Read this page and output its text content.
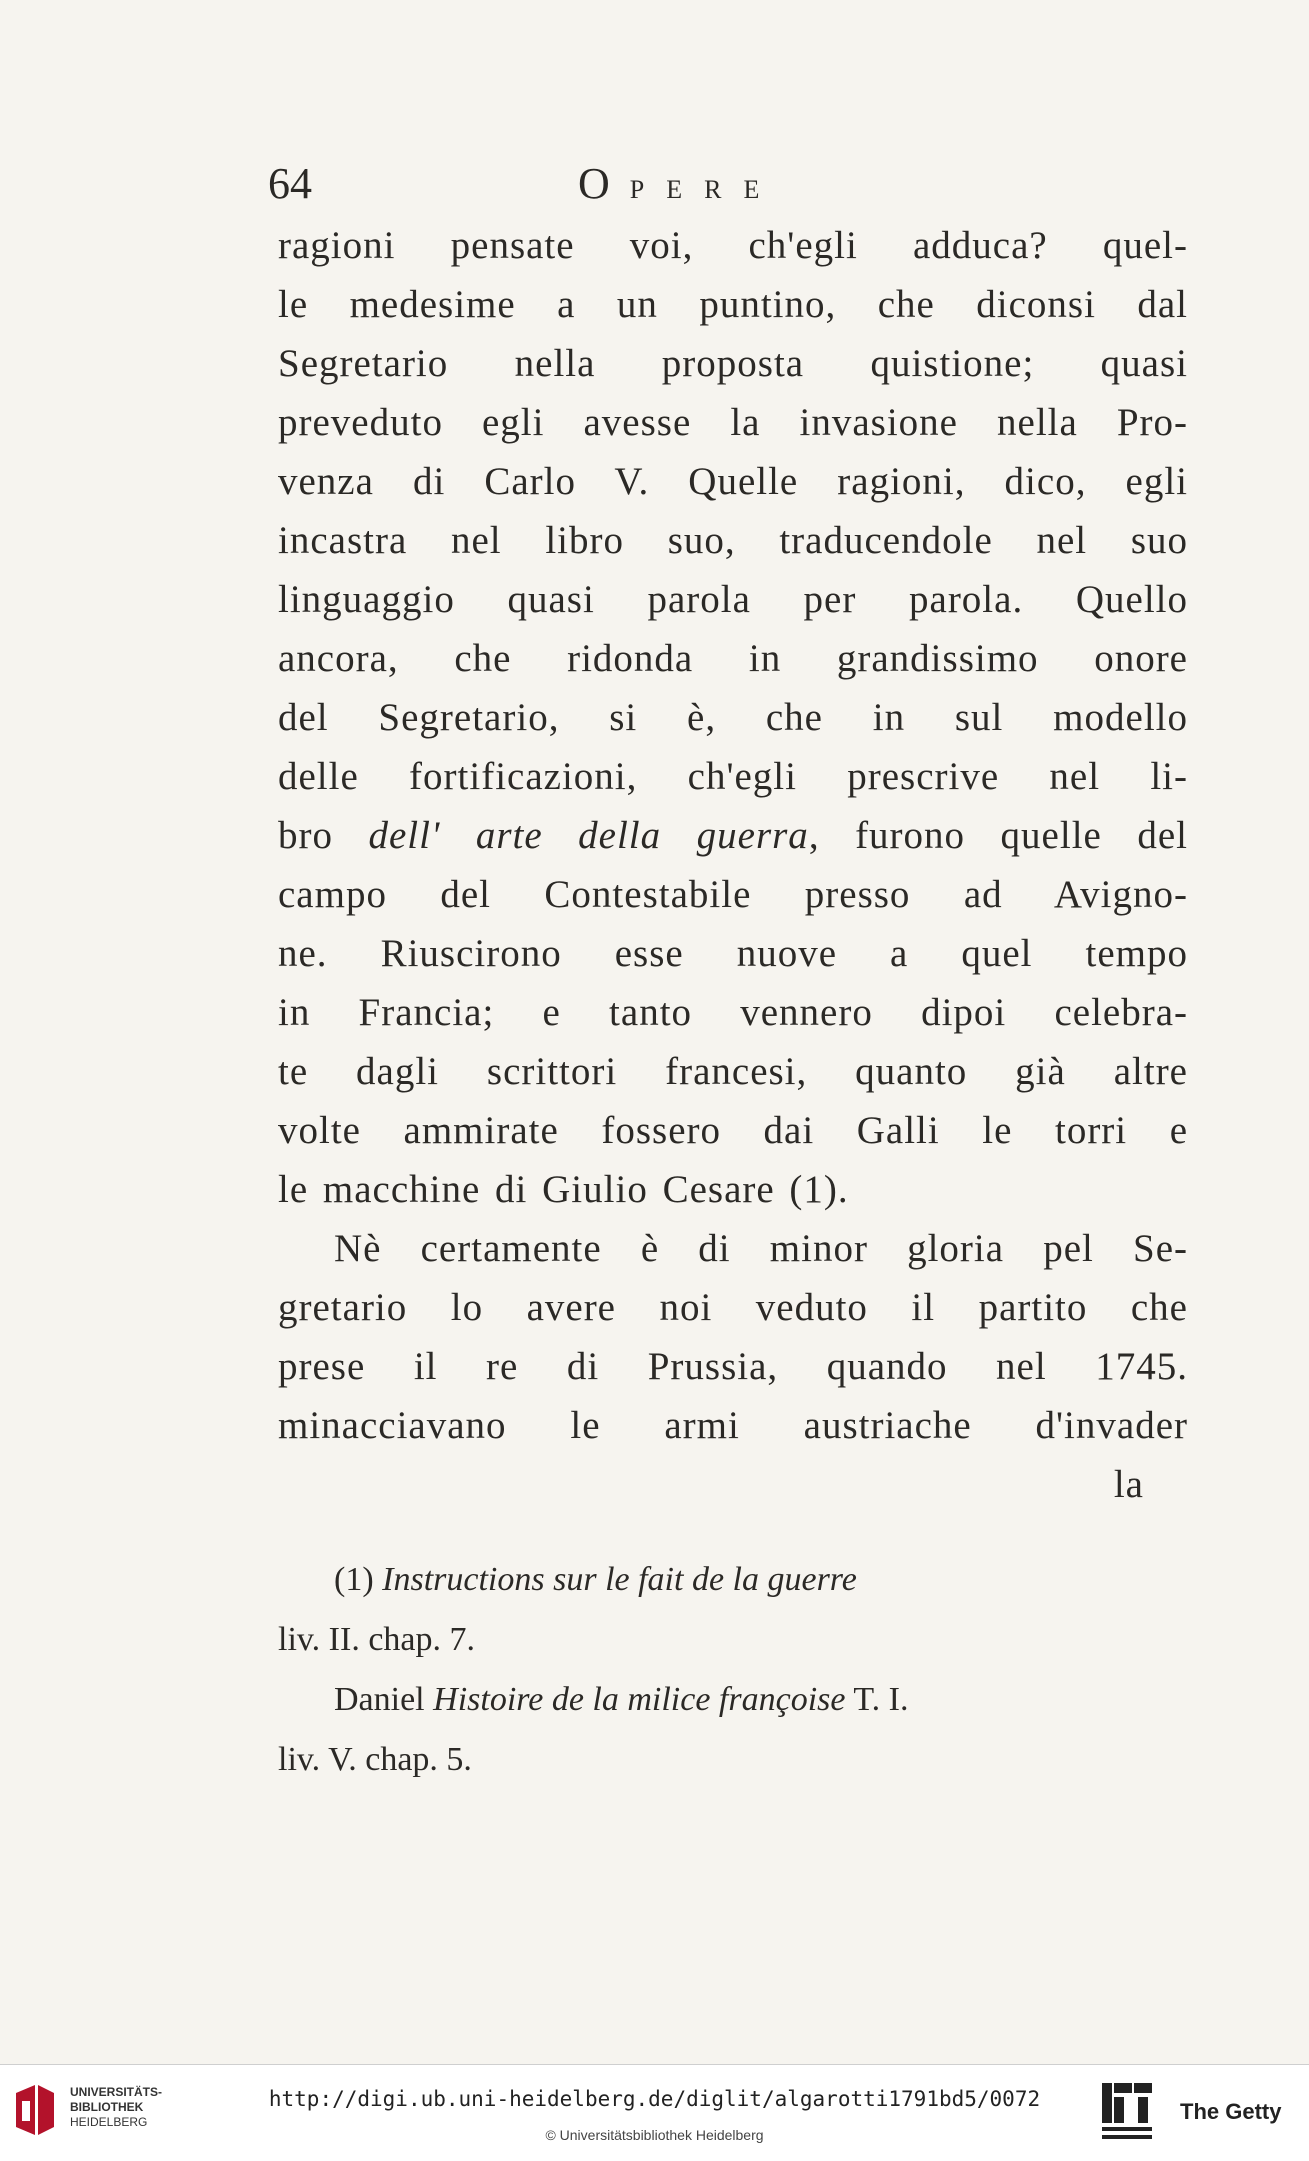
64	OPERE
ragioni pensate voi, ch'egli adduca? quel-
le medesime a un puntino, che diconsi dal
Segretario nella proposta quistione; quasi
preveduto egli avesse la invasione nella Pro-
venza di Carlo V. Quelle ragioni, dico, egli
incastra nel libro suo, traducendole nel suo
linguaggio quasi parola per parola. Quello
ancora, che ridonda in grandissimo onore
del Segretario, si è, che in sul modello
delle fortificazioni, ch'egli prescrive nel li-
bro dell' arte della guerra, furono quelle del
campo del Contestabile presso ad Avigno-
ne. Riuscirono esse nuove a quel tempo
in Francia; e tanto vennero dipoi celebra-
te dagli scrittori francesi, quanto già altre
volte ammirate fossero dai Galli le torri e
le macchine di Giulio Cesare (1).
Nè certamente è di minor gloria pel Se-
gretario lo avere noi veduto il partito che
prese il re di Prussia, quando nel 1745.
minacciavano le armi austriache d'invader
la
(1) Instructions sur le fait de la guerre
liv. II. chap. 7.
Daniel Histoire de la milice françoise T. I.
liv. V. chap. 5.
UNIVERSITÄTS-
BIBLIOTHEK
HEIDELBERG
http://digi.ub.uni-heidelberg.de/diglit/algarotti1791bd5/0072
© Universitätsbibliothek Heidelberg
The Getty
